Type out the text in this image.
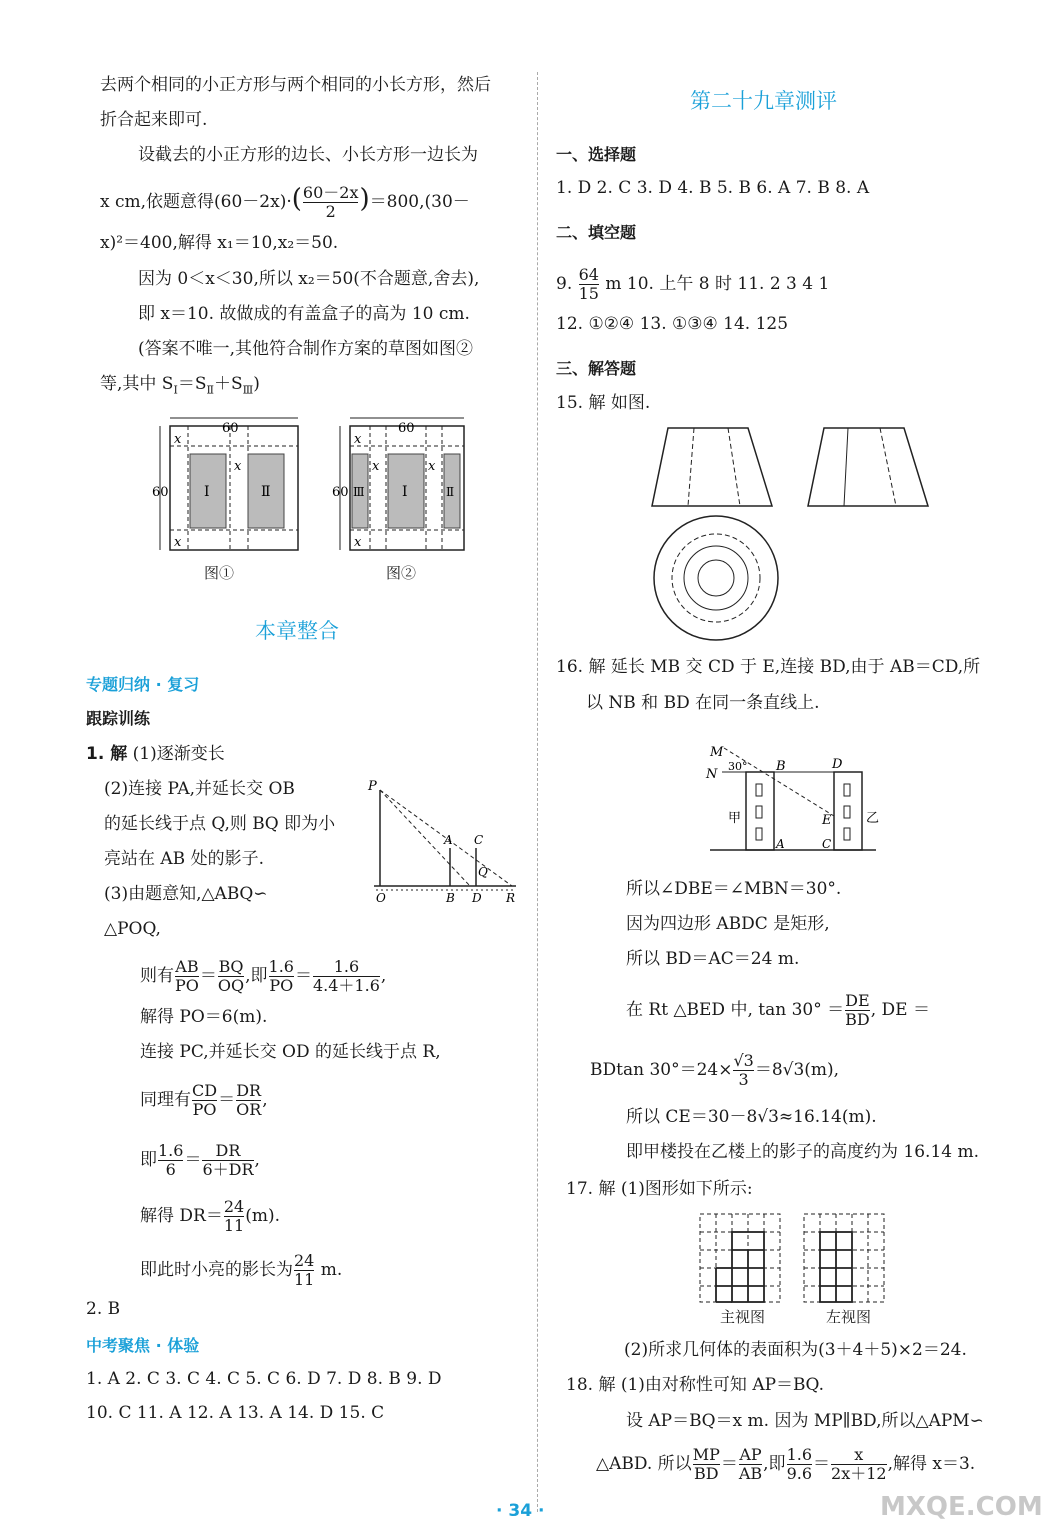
去两个相同的小正方形与两个相同的小长方形，然后
折合起来即可.
设截去的小正方形的边长、小长方形一边长为
x cm,依题意得$(60-2x)\cdot( \frac{60-2x}{2} )=800,(30-$
x)²＝400,解得 x₁＝10,x₂＝50.
因为 0＜x＜30,所以 x₂＝50(不合题意,舍去),
即 x＝10. 故做成的有盖盒子的高为 10 cm.
(答案不唯一,其他符合制作方案的草图如图②
等,其中 $S_Ⅰ=S_Ⅱ+S_Ⅲ$)
60
60
x
x
x
Ⅰ	Ⅱ
图①
60
60
x
x	x
x
Ⅲ	Ⅰ	Ⅱ
图②
本章整合
专题归纳 · 复习
跟踪训练
1. 解 (1)逐渐变长
(2)连接 PA,并延长交 OB
的延长线于点 Q,则 BQ 即为小
亮站在 AB 处的影子.
(3)由题意知,△ABQ∽
△POQ,
P
A C
Q
O	B D R
则有 $\frac{AB}{PO} = \frac{BQ}{OQ}$ ,即 $\frac{1.6}{PO} = \frac{1.6}{4.4+1.6}$ ,
解得 PO＝6(m).
连接 PC,并延长交 OD 的延长线于点 R,
同理有 $\frac{CD}{PO} = \frac{DR}{OR}$ ,
即 $\frac{1.6}{6} = \frac{DR}{6+DR}$ ,
解得 $DR= \frac{24}{11} (m)$.
即此时小亮的影长为 $\frac{24}{11} m$.
2. B
中考聚焦 · 体验
1. A 2. C 3. C 4. C 5. C 6. D 7. D 8. B 9. D
10. C 11. A 12. A 13. A 14. D 15. C
第二十九章测评
一、选择题
1. D 2. C 3. D 4. B 5. B 6. A 7. B 8. A
二、填空题
9. $\frac{64}{15}$ m 10. 上午 8 时 11. 2 3 4 1
12. ①②④ 13. ①③④ 14. 125
三、解答题
15. 解 如图.
16. 解 延长 MB 交 CD 于 E,连接 BD,由于 AB＝CD,所
以 NB 和 BD 在同一条直线上.
M
N
30° B	D
甲	乙
E
A	C
所以∠DBE＝∠MBN＝30°.
因为四边形 ABDC 是矩形,
所以 BD＝AC＝24 m.
在 Rt △BED 中, $\tan 30^\circ = \frac{DE}{BD}$ , DE ＝
BDtan $30^\circ=24\times \frac{√3}{3} =8√3(m)$,
所以 CE＝30－8√3≈16.14(m).
即甲楼投在乙楼上的影子的高度约为 16.14 m.
17. 解 (1)图形如下所示:
主视图	左视图
(2)所求几何体的表面积为(3＋4＋5)×2＝24.
18. 解 (1)由对称性可知 AP＝BQ.
设 AP＝BQ＝x m. 因为 MP∥BD,所以△APM∽
△ABD. 所以 $\frac{MP}{BD} = \frac{AP}{AB}$ ,即 $\frac{1.6}{9.6} = \frac{x}{2x+12}$ ,解得 x＝3.
· 34 ·	MXQE.COM
